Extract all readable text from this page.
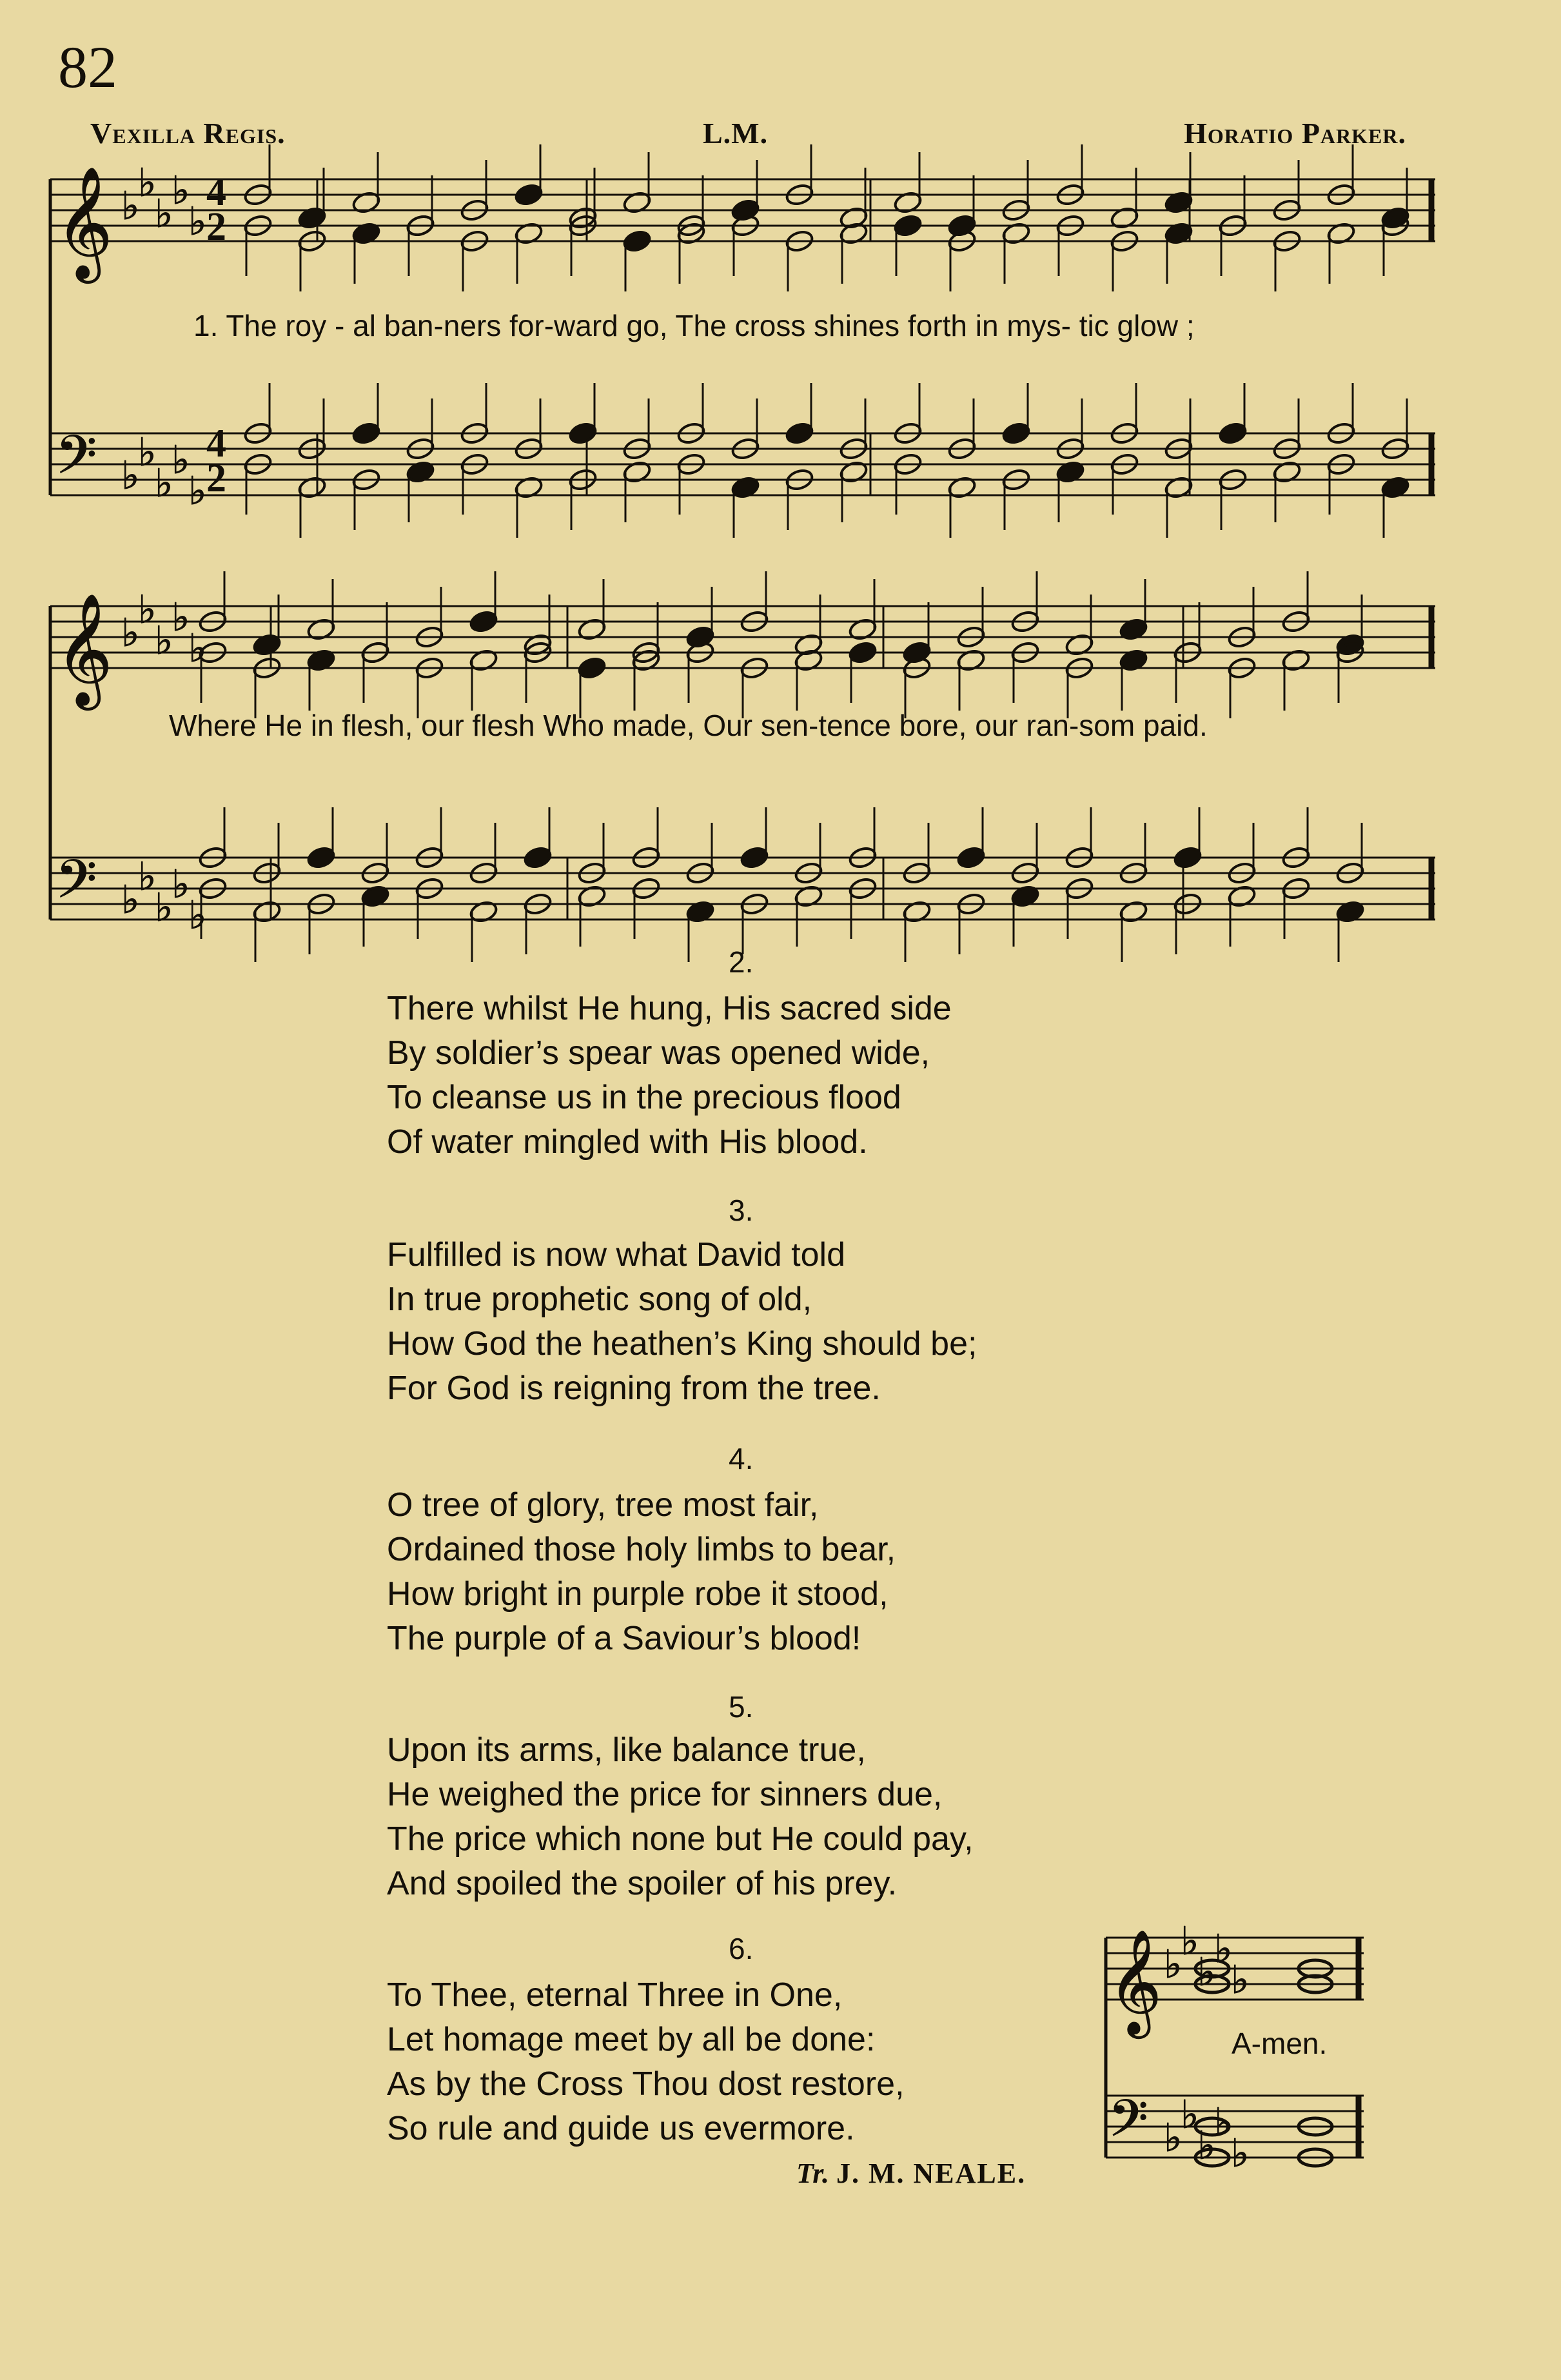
82
Vexilla Regis.	L.M.	Horatio Parker.
𝄞
𝄢
♭
♭
♭
♭
♭
♭
♭
♭
♭
♭
𝄞
𝄢
♭
♭
♭
♭
♭
♭
♭
♭
♭
♭
𝄞
𝄢
♭
♭
♭
♭
♭
♭
♭
♭
♭
♭
4
2
4
2
1. The roy - al ban-ners for-ward go, The cross shines forth in mys- tic glow ;
Where He in flesh, our flesh Who made, Our sen-tence bore, our ran-som paid.
2.
There whilst He hung, His sacred side
By soldier’s spear was opened wide,
To cleanse us in the precious flood
Of water mingled with His blood.
3.
Fulfilled is now what David told
In true prophetic song of old,
How God the heathen’s King should be;
For God is reigning from the tree.
4.
O tree of glory, tree most fair,
Ordained those holy limbs to bear,
How bright in purple robe it stood,
The purple of a Saviour’s blood!
5.
Upon its arms, like balance true,
He weighed the price for sinners due,
The price which none but He could pay,
And spoiled the spoiler of his prey.
6.
To Thee, eternal Three in One,
Let homage meet by all be done:
As by the Cross Thou dost restore,
So rule and guide us evermore.
A-men.
Tr. J. M. NEALE.
